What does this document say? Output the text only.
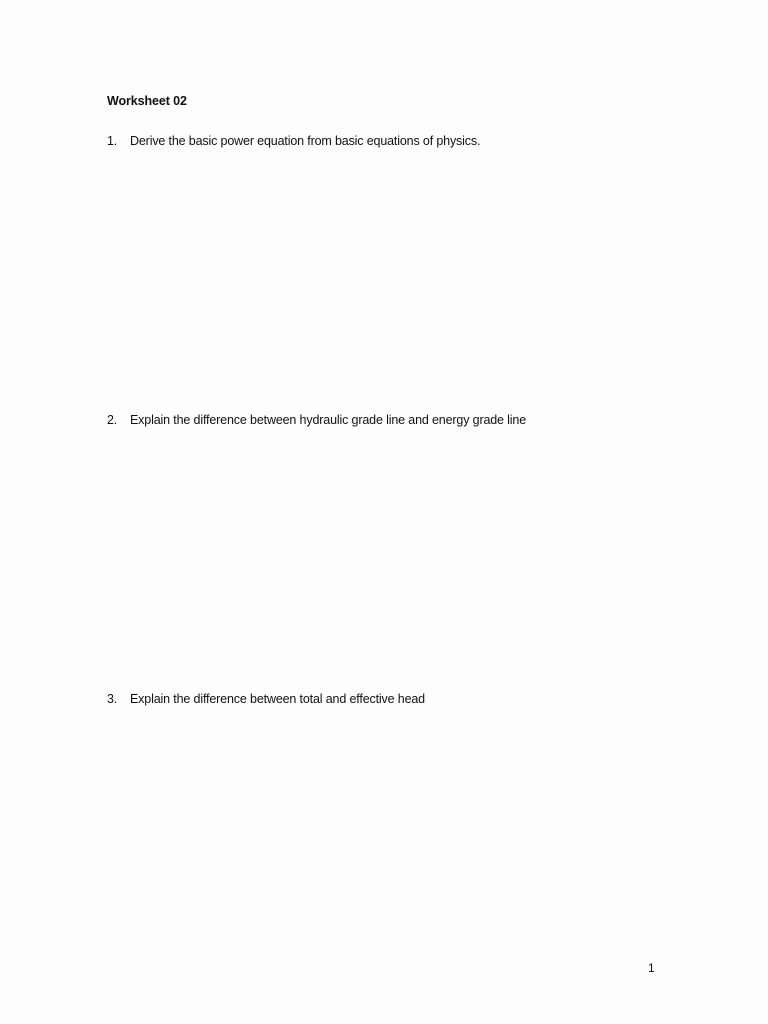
Worksheet 02
1. Derive the basic power equation from basic equations of physics.
2. Explain the difference between hydraulic grade line and energy grade line
3. Explain the difference between total and effective head
1
